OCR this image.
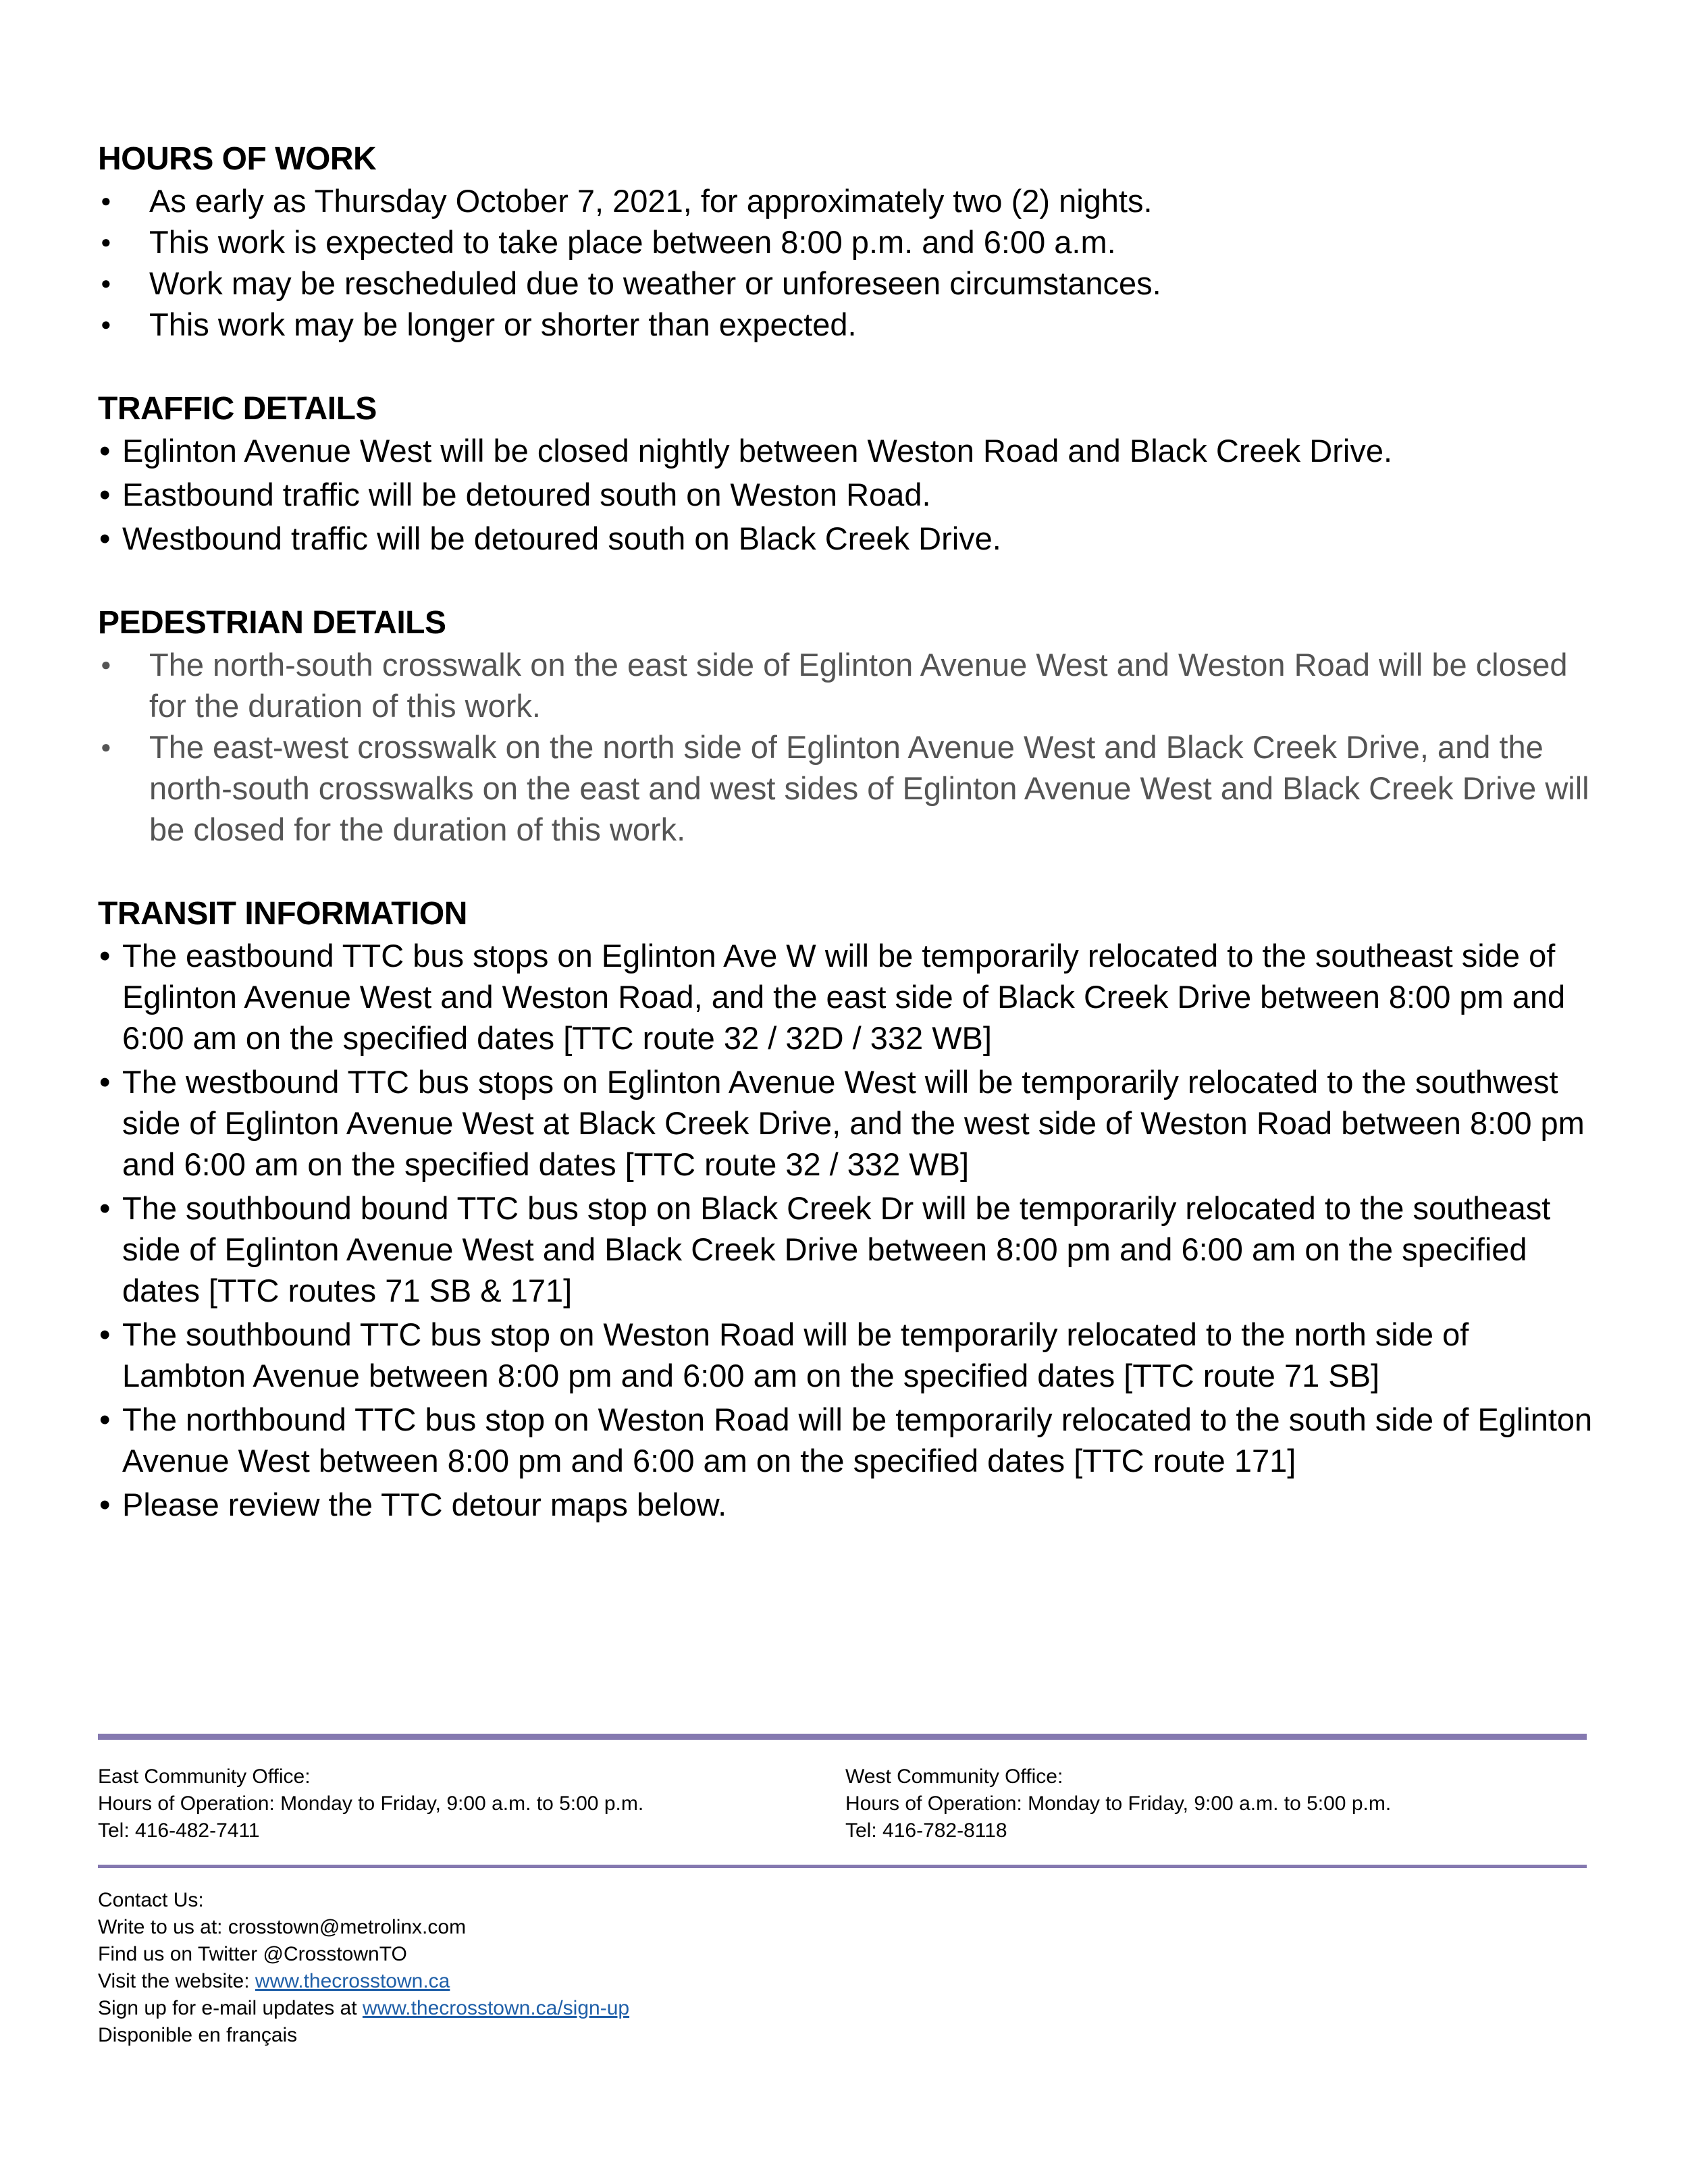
HOURS OF WORK
● As early as Thursday October 7, 2021, for approximately two (2) nights.
● This work is expected to take place between 8:00 p.m. and 6:00 a.m.
● Work may be rescheduled due to weather or unforeseen circumstances.
● This work may be longer or shorter than expected.
TRAFFIC DETAILS
• Eglinton Avenue West will be closed nightly between Weston Road and Black Creek Drive.
• Eastbound traffic will be detoured south on Weston Road.
• Westbound traffic will be detoured south on Black Creek Drive.
PEDESTRIAN DETAILS
● The north-south crosswalk on the east side of Eglinton Avenue West and Weston Road will be closed for the duration of this work.
● The east-west crosswalk on the north side of Eglinton Avenue West and Black Creek Drive, and the north-south crosswalks on the east and west sides of Eglinton Avenue West and Black Creek Drive will be closed for the duration of this work.
TRANSIT INFORMATION
• The eastbound TTC bus stops on Eglinton Ave W will be temporarily relocated to the southeast side of Eglinton Avenue West and Weston Road, and the east side of Black Creek Drive between 8:00 pm and 6:00 am on the specified dates [TTC route 32 / 32D / 332 WB]
• The westbound TTC bus stops on Eglinton Avenue West will be temporarily relocated to the southwest side of Eglinton Avenue West at Black Creek Drive, and the west side of Weston Road between 8:00 pm and 6:00 am on the specified dates [TTC route 32 / 332 WB]
• The southbound bound TTC bus stop on Black Creek Dr will be temporarily relocated to the southeast side of Eglinton Avenue West and Black Creek Drive between 8:00 pm and 6:00 am on the specified dates [TTC routes 71 SB & 171]
• The southbound TTC bus stop on Weston Road will be temporarily relocated to the north side of Lambton Avenue between 8:00 pm and 6:00 am on the specified dates [TTC route 71 SB]
• The northbound TTC bus stop on Weston Road will be temporarily relocated to the south side of Eglinton Avenue West between 8:00 pm and 6:00 am on the specified dates [TTC route 171]
• Please review the TTC detour maps below.
East Community Office:
Hours of Operation: Monday to Friday, 9:00 a.m. to 5:00 p.m.
Tel: 416-482-7411
West Community Office:
Hours of Operation: Monday to Friday, 9:00 a.m. to 5:00 p.m.
Tel: 416-782-8118
Contact Us:
Write to us at: crosstown@metrolinx.com
Find us on Twitter @CrosstownTO
Visit the website: www.thecrosstown.ca
Sign up for e-mail updates at www.thecrosstown.ca/sign-up
Disponible en français
